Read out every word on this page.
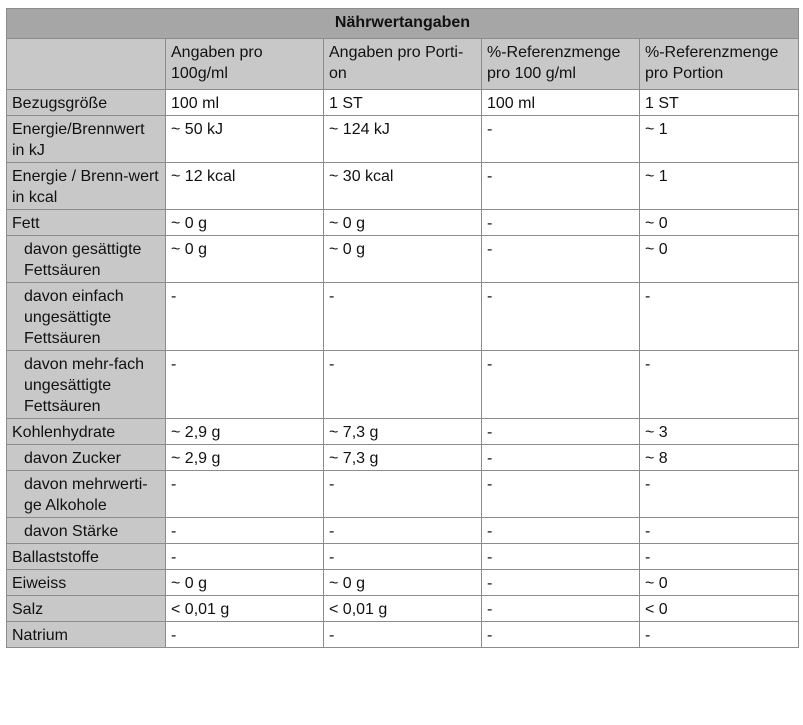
Nährwertangaben				
	Angaben pro 100g/ml	Angaben pro Porti-on	%-Referenzmenge pro 100 g/ml	%-Referenzmenge pro Portion
Bezugsgröße	100 ml	1 ST	100 ml	1 ST
Energie/Brennwert in kJ	~ 50 kJ	~ 124 kJ	-	~ 1
Energie / Brenn-wert in kcal	~ 12 kcal	~ 30 kcal	-	~ 1
Fett	~ 0 g	~ 0 g	-	~ 0
davon gesättigte Fettsäuren	~ 0 g	~ 0 g	-	~ 0
davon einfach ungesättigte Fettsäuren	-	-	-	-
davon mehr-fach ungesättigte Fettsäuren	-	-	-	-
Kohlenhydrate	~ 2,9 g	~ 7,3 g	-	~ 3
davon Zucker	~ 2,9 g	~ 7,3 g	-	~ 8
davon mehrwerti-ge Alkohole	-	-	-	-
davon Stärke	-	-	-	-
Ballaststoffe	-	-	-	-
Eiweiss	~ 0 g	~ 0 g	-	~ 0
Salz	< 0,01 g	< 0,01 g	-	< 0
Natrium	-	-	-	-
